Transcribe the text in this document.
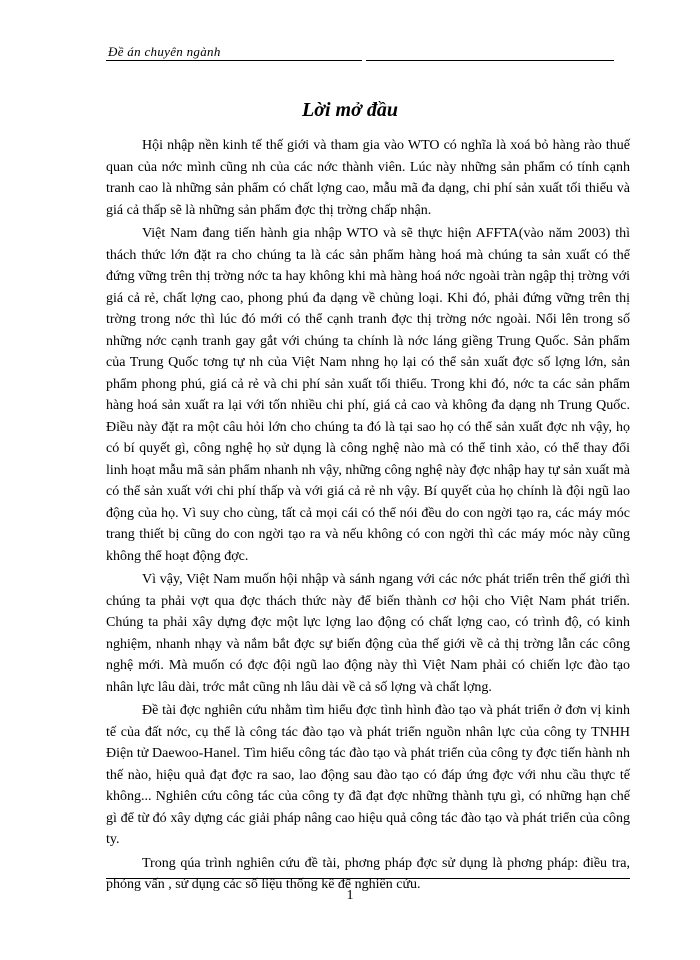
Đề án chuyên ngành
Lời mở đầu

Hội nhập nền kinh tế thế giới và tham gia vào WTO có nghĩa là xoá bỏ hàng rào thuế quan của nớc mình cũng nh của các nớc thành viên. Lúc này những sản phẩm có tính cạnh tranh cao là những sản phẩm có chất lợng cao, mẫu mã đa dạng, chi phí sản xuất tối thiểu và giá cả thấp sẽ là những sản phẩm đợc thị trờng chấp nhận.

Việt Nam đang tiến hành gia nhập WTO và sẽ thực hiện AFFTA(vào năm 2003) thì thách thức lớn đặt ra cho chúng ta là các sản phẩm hàng hoá mà chúng ta sản xuất có thể đứng vững trên thị trờng nớc ta hay không khi mà hàng hoá nớc ngoài tràn ngập thị trờng với giá cả rẻ, chất lợng cao, phong phú đa dạng về chủng loại. Khi đó, phải đứng vững trên thị trờng trong nớc thì lúc đó mới có thể cạnh tranh đợc thị trờng nớc ngoài. Nổi lên trong số những nớc cạnh tranh gay gắt với chúng ta chính là nớc láng giềng Trung Quốc. Sản phẩm của Trung Quốc tơng tự nh của Việt Nam nhng họ lại có thể sản xuất đợc số lợng lớn, sản phẩm phong phú, giá cả rẻ và chi phí sản xuất tối thiểu. Trong khi đó, nớc ta các sản phẩm hàng hoá sản xuất ra lại với tốn nhiều chi phí, giá cả cao và không đa dạng nh Trung Quốc. Điều này đặt ra một câu hỏi lớn cho chúng ta đó là tại sao họ có thể sản xuất đợc nh vậy, họ có bí quyết gì, công nghệ họ sử dụng là công nghệ nào mà có thể tinh xảo, có thể thay đổi linh hoạt mẫu mã sản phẩm nhanh nh vậy, những công nghệ này đợc nhập hay tự sản xuất mà có thể sản xuất với chi phí thấp và với giá cả rẻ nh vậy. Bí quyết của họ chính là đội ngũ lao động của họ. Vì suy cho cùng, tất cả mọi cái có thể nói đều do con ngời tạo ra, các máy móc trang thiết bị cũng do con ngời tạo ra và nếu không có con ngời thì các máy móc này cũng không thể hoạt động đợc.

Vì vậy, Việt Nam muốn hội nhập và sánh ngang với các nớc phát triển trên thế giới thì chúng ta phải vợt qua đợc thách thức này để biến thành cơ hội cho Việt Nam phát triển. Chúng ta phải xây dựng đợc một lực lợng lao động có chất lợng cao, có trình độ, có kinh nghiệm, nhanh nhạy và nắm bắt đợc sự biến động của thế giới về cả thị trờng lẫn các công nghệ mới. Mà muốn có đợc đội ngũ lao động này thì Việt Nam phải có chiến lợc đào tạo nhân lực lâu dài, trớc mắt cũng nh lâu dài về cả số lợng và chất lợng.

Đề tài đợc nghiên cứu nhằm tìm hiểu đợc tình hình đào tạo và phát triển ở đơn vị kinh tế của đất nớc, cụ thể là công tác đào tạo và phát triển nguồn nhân lực của công ty TNHH Điện tử Daewoo-Hanel. Tìm hiểu công tác đào tạo và phát triển của công ty đợc tiến hành nh thế nào, hiệu quả đạt đợc ra sao, lao động sau đào tạo có đáp ứng đợc với nhu cầu thực tế không... Nghiên cứu công tác của công ty đã đạt đợc những thành tựu gì, có những hạn chế gì để từ đó xây dựng các giải pháp nâng cao hiệu quả công tác đào tạo và phát triển của công ty.

Trong qúa trình nghiên cứu đề tài, phơng pháp đợc sử dụng là phơng pháp: điều tra, phỏng vấn , sử dụng các số liệu thống kê để nghiên cứu.

1
